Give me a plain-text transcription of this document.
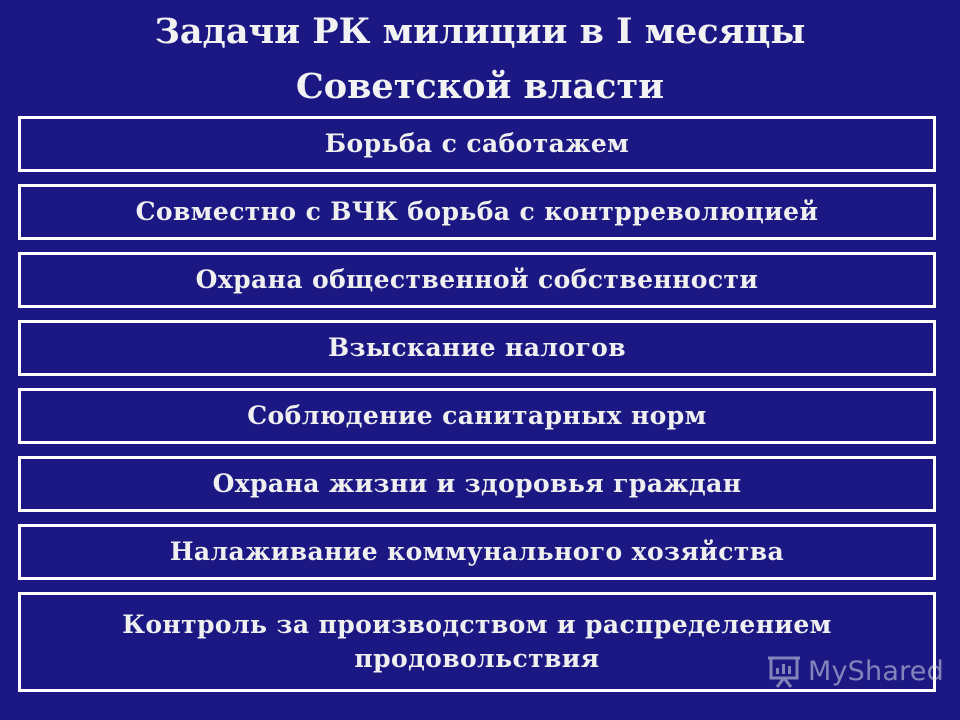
Задачи РК милиции в I месяцы
Советской власти
Борьба с саботажем
Совместно с ВЧК борьба с контрреволюцией
Охрана общественной собственности
Взыскание налогов
Соблюдение санитарных норм
Охрана жизни и здоровья граждан
Налаживание коммунального хозяйства
Контроль за производством и распределением
продовольствия	MyShared
